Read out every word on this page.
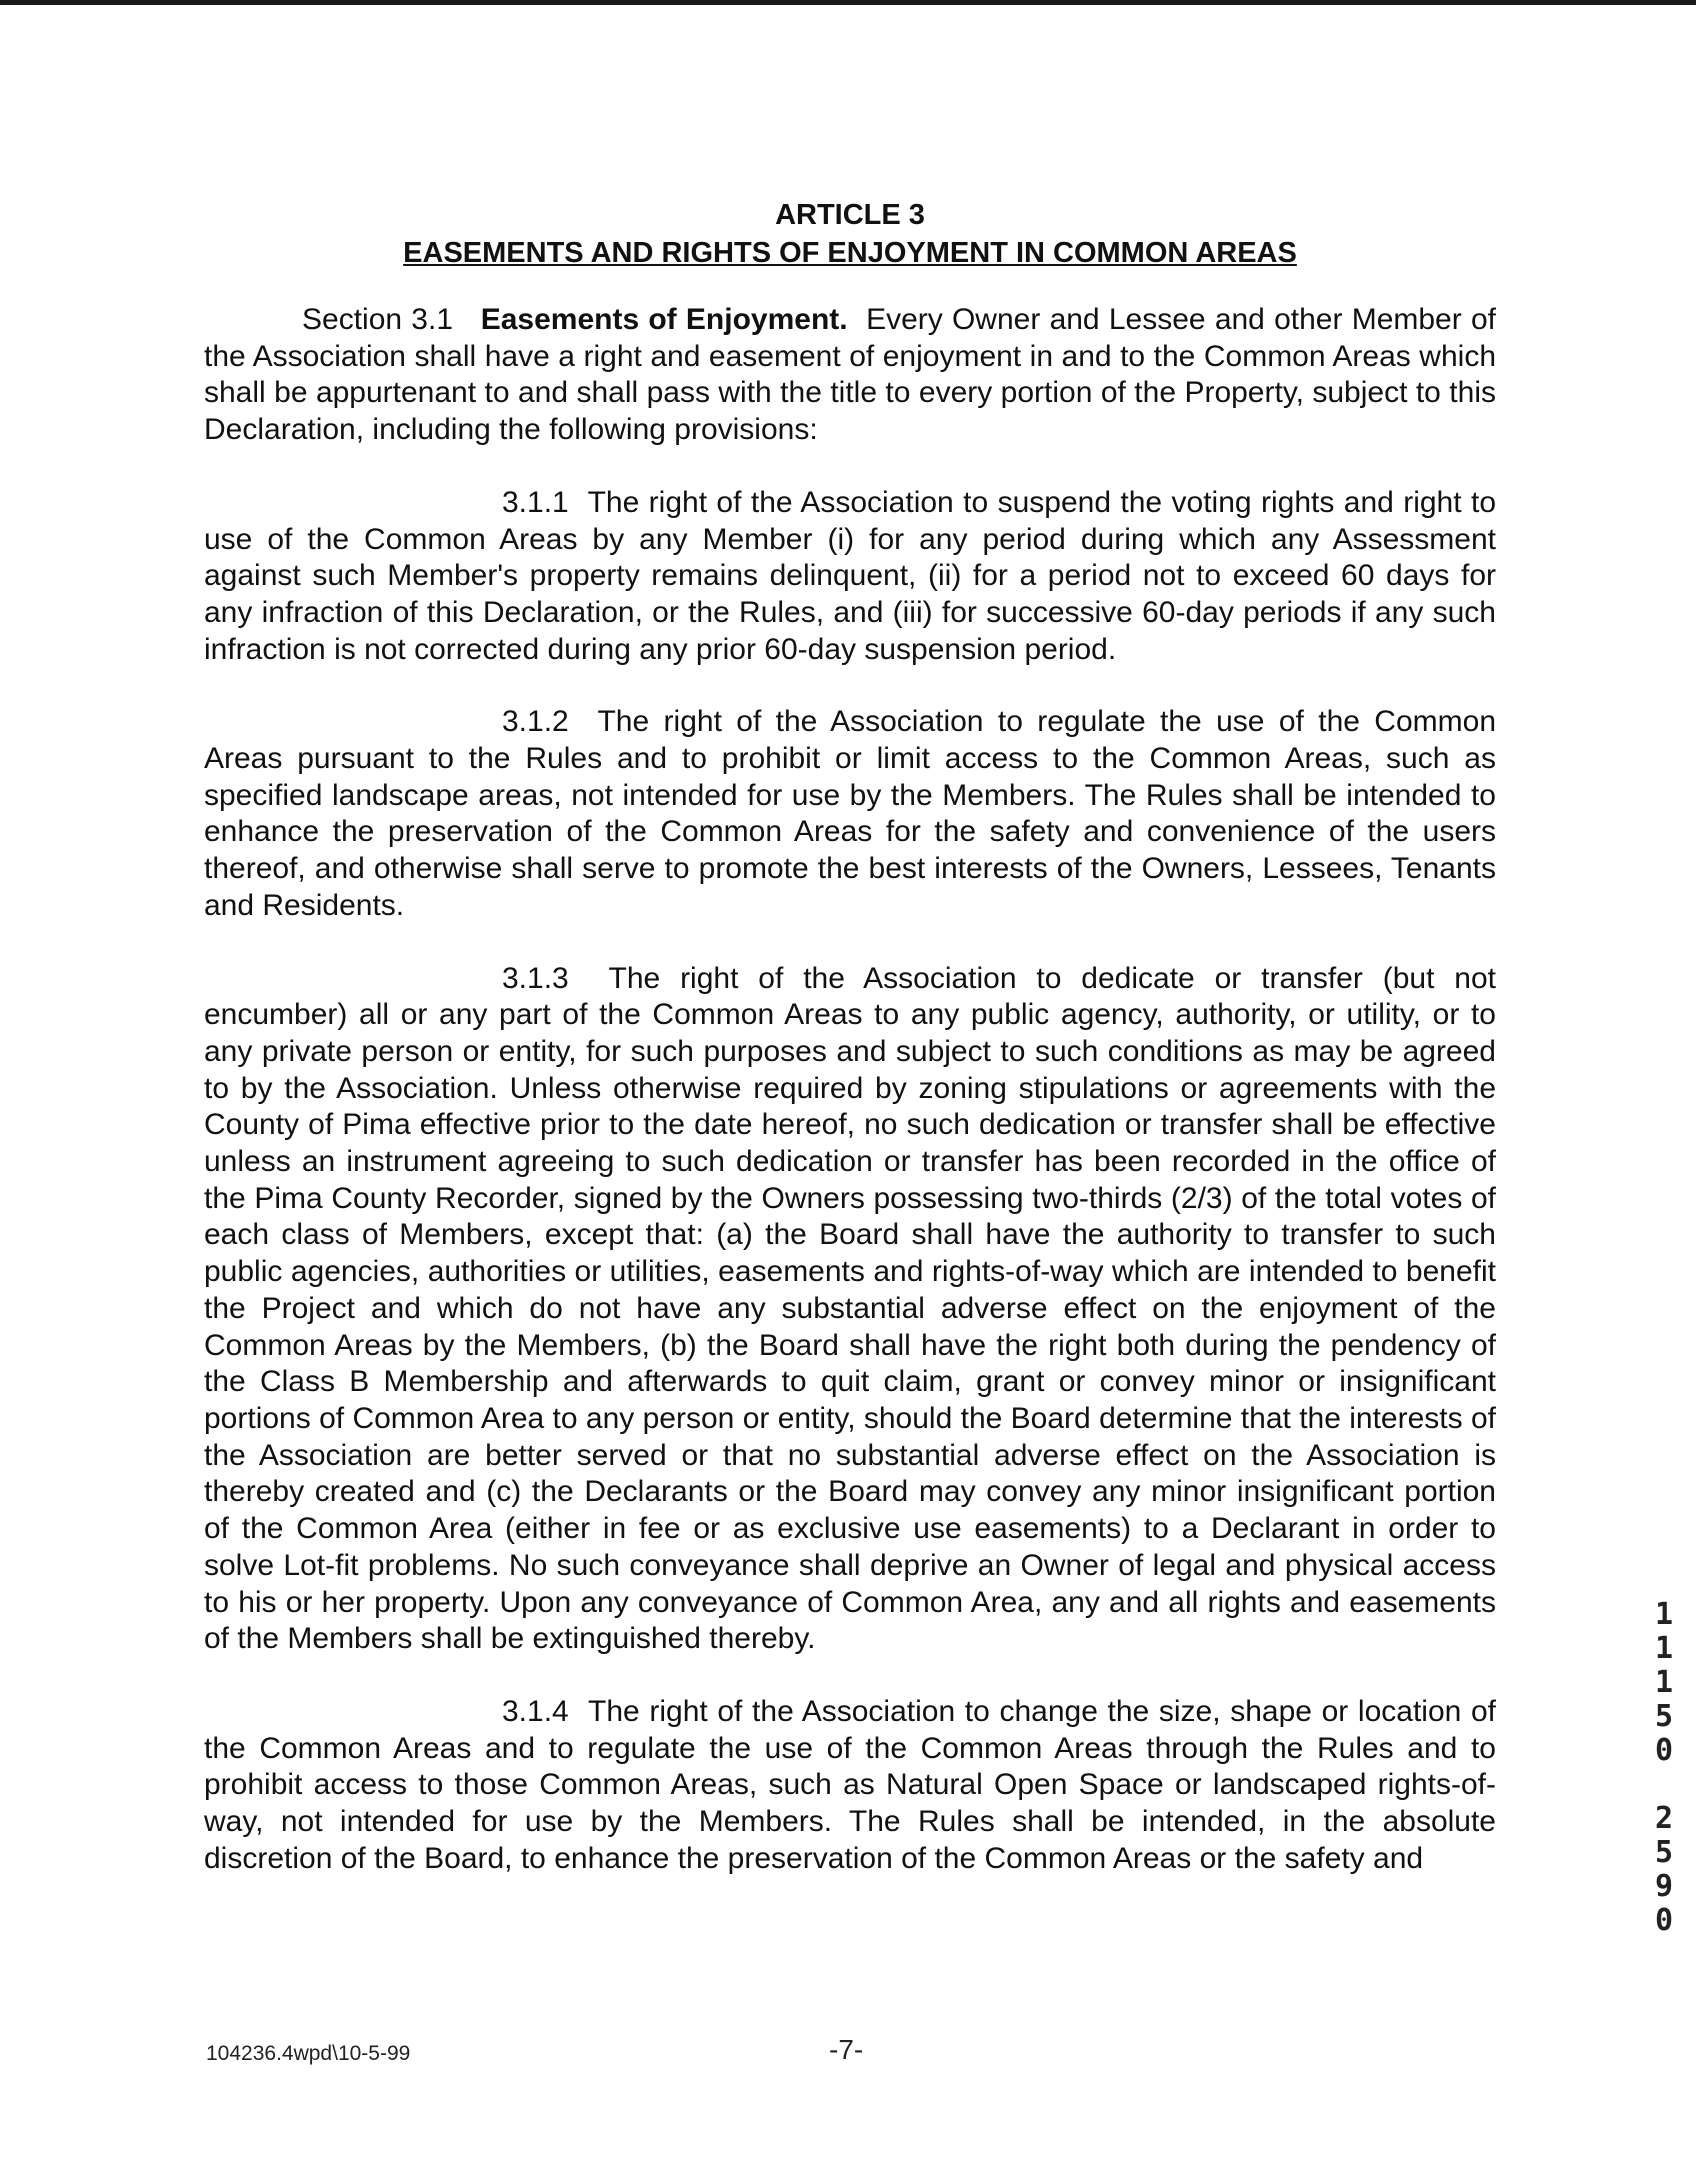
ARTICLE 3
EASEMENTS AND RIGHTS OF ENJOYMENT IN COMMON AREAS

Section 3.1 Easements of Enjoyment. Every Owner and Lessee and other Member of the Association shall have a right and easement of enjoyment in and to the Common Areas which shall be appurtenant to and shall pass with the title to every portion of the Property, subject to this Declaration, including the following provisions:

3.1.1 The right of the Association to suspend the voting rights and right to use of the Common Areas by any Member (i) for any period during which any Assessment against such Member's property remains delinquent, (ii) for a period not to exceed 60 days for any infraction of this Declaration, or the Rules, and (iii) for successive 60-day periods if any such infraction is not corrected during any prior 60-day suspension period.

3.1.2 The right of the Association to regulate the use of the Common Areas pursuant to the Rules and to prohibit or limit access to the Common Areas, such as specified landscape areas, not intended for use by the Members. The Rules shall be intended to enhance the preservation of the Common Areas for the safety and convenience of the users thereof, and otherwise shall serve to promote the best interests of the Owners, Lessees, Tenants and Residents.

3.1.3 The right of the Association to dedicate or transfer (but not encumber) all or any part of the Common Areas to any public agency, authority, or utility, or to any private person or entity, for such purposes and subject to such conditions as may be agreed to by the Association. Unless otherwise required by zoning stipulations or agreements with the County of Pima effective prior to the date hereof, no such dedication or transfer shall be effective unless an instrument agreeing to such dedication or transfer has been recorded in the office of the Pima County Recorder, signed by the Owners possessing two-thirds (2/3) of the total votes of each class of Members, except that: (a) the Board shall have the authority to transfer to such public agencies, authorities or utilities, easements and rights-of-way which are intended to benefit the Project and which do not have any substantial adverse effect on the enjoyment of the Common Areas by the Members, (b) the Board shall have the right both during the pendency of the Class B Membership and afterwards to quit claim, grant or convey minor or insignificant portions of Common Area to any person or entity, should the Board determine that the interests of the Association are better served or that no substantial adverse effect on the Association is thereby created and (c) the Declarants or the Board may convey any minor insignificant portion of the Common Area (either in fee or as exclusive use easements) to a Declarant in order to solve Lot-fit problems. No such conveyance shall deprive an Owner of legal and physical access to his or her property. Upon any conveyance of Common Area, any and all rights and easements of the Members shall be extinguished thereby.

3.1.4 The right of the Association to change the size, shape or location of the Common Areas and to regulate the use of the Common Areas through the Rules and to prohibit access to those Common Areas, such as Natural Open Space or landscaped rights-of-way, not intended for use by the Members. The Rules shall be intended, in the absolute discretion of the Board, to enhance the preservation of the Common Areas or the safety and

104236.4wpd\10-5-99	-7-
1
1
1
5
0
2
5
9
0
